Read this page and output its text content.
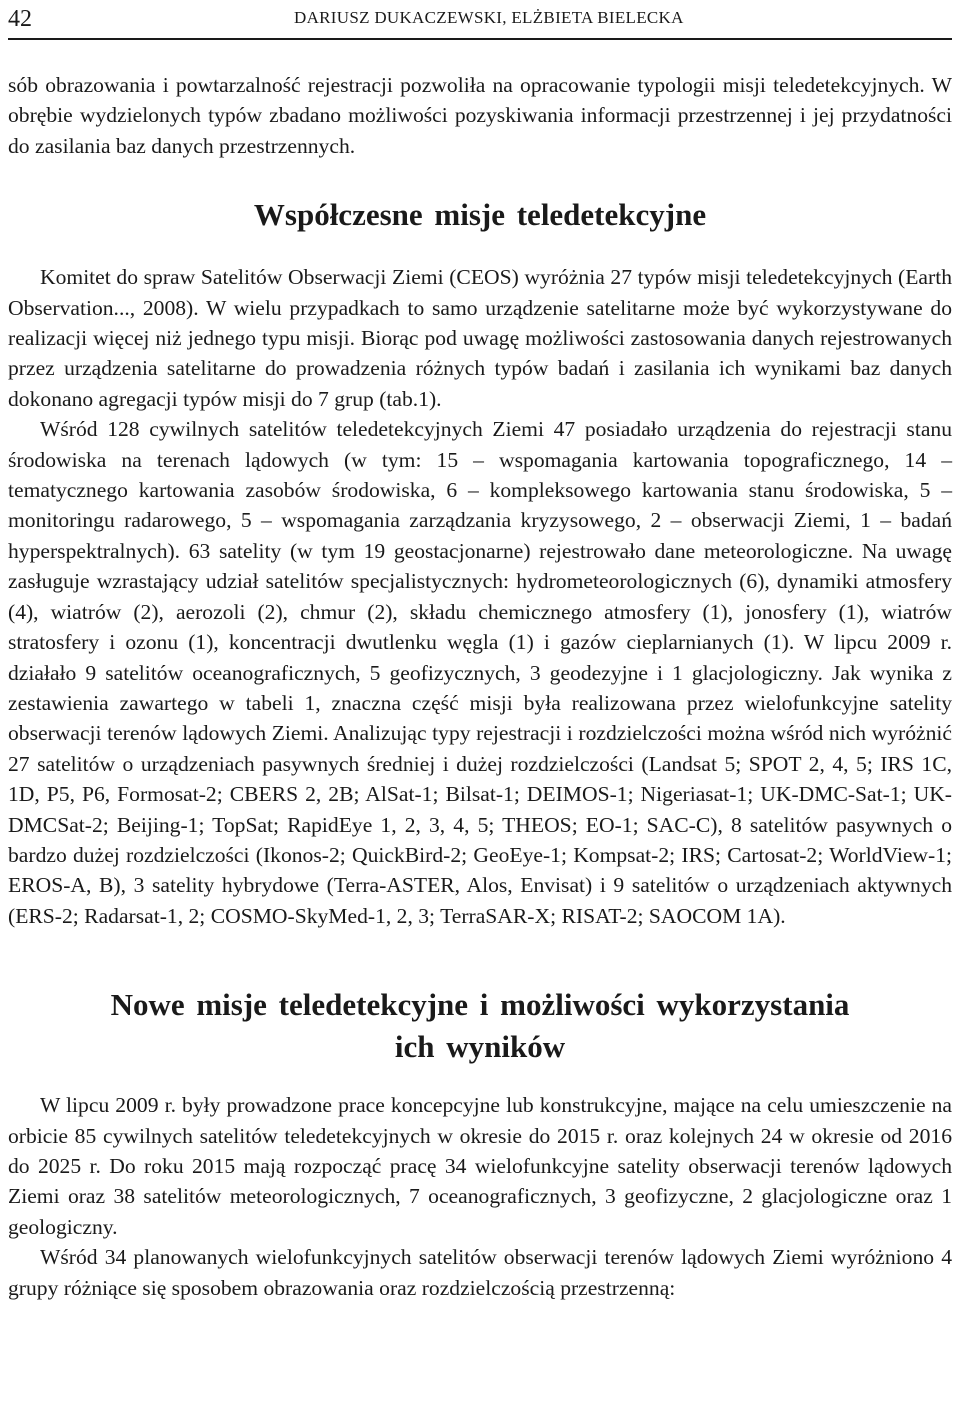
42	DARIUSZ DUKACZEWSKI, ELŻBIETA BIELECKA

sób obrazowania i powtarzalność rejestracji pozwoliła na opracowanie typologii misji teledetekcyjnych. W obrębie wydzielonych typów zbadano możliwości pozyskiwania informacji przestrzennej i jej przydatności do zasilania baz danych przestrzennych.

Współczesne misje teledetekcyjne

Komitet do spraw Satelitów Obserwacji Ziemi (CEOS) wyróżnia 27 typów misji teledetekcyjnych (Earth Observation..., 2008). W wielu przypadkach to samo urządzenie satelitarne może być wykorzystywane do realizacji więcej niż jednego typu misji. Biorąc pod uwagę możliwości zastosowania danych rejestrowanych przez urządzenia satelitarne do prowadzenia różnych typów badań i zasilania ich wynikami baz danych dokonano agregacji typów misji do 7 grup (tab.1).

Wśród 128 cywilnych satelitów teledetekcyjnych Ziemi 47 posiadało urządzenia do rejestracji stanu środowiska na terenach lądowych (w tym: 15 – wspomagania kartowania topograficznego, 14 – tematycznego kartowania zasobów środowiska, 6 – kompleksowego kartowania stanu środowiska, 5 – monitoringu radarowego, 5 – wspomagania zarządzania kryzysowego, 2 – obserwacji Ziemi, 1 – badań hyperspektralnych). 63 satelity (w tym 19 geostacjonarne) rejestrowało dane meteorologiczne. Na uwagę zasługuje wzrastający udział satelitów specjalistycznych: hydrometeorologicznych (6), dynamiki atmosfery (4), wiatrów (2), aerozoli (2), chmur (2), składu chemicznego atmosfery (1), jonosfery (1), wiatrów stratosfery i ozonu (1), koncentracji dwutlenku węgla (1) i gazów cieplarnianych (1). W lipcu 2009 r. działało 9 satelitów oceanograficznych, 5 geofizycznych, 3 geodezyjne i 1 glacjologiczny. Jak wynika z zestawienia zawartego w tabeli 1, znaczna część misji była realizowana przez wielofunkcyjne satelity obserwacji terenów lądowych Ziemi. Analizując typy rejestracji i rozdzielczości można wśród nich wyróżnić 27 satelitów o urządzeniach pasywnych średniej i dużej rozdzielczości (Landsat 5; SPOT 2, 4, 5; IRS 1C, 1D, P5, P6, Formosat-2; CBERS 2, 2B; AlSat-1; Bilsat-1; DEIMOS-1; Nigeriasat-1; UK-DMC-Sat-1; UK-DMCSat-2; Beijing-1; TopSat; RapidEye 1, 2, 3, 4, 5; THEOS; EO-1; SAC-C), 8 satelitów pasywnych o bardzo dużej rozdzielczości (Ikonos-2; QuickBird-2; GeoEye-1; Kompsat-2; IRS; Cartosat-2; WorldView-1; EROS-A, B), 3 satelity hybrydowe (Terra-ASTER, Alos, Envisat) i 9 satelitów o urządzeniach aktywnych (ERS-2; Radarsat-1, 2; COSMO-SkyMed-1, 2, 3; TerraSAR-X; RISAT-2; SAOCOM 1A).

Nowe misje teledetekcyjne i możliwości wykorzystania
ich wyników

W lipcu 2009 r. były prowadzone prace koncepcyjne lub konstrukcyjne, mające na celu umieszczenie na orbicie 85 cywilnych satelitów teledetekcyjnych w okresie do 2015 r. oraz kolejnych 24 w okresie od 2016 do 2025 r. Do roku 2015 mają rozpocząć pracę 34 wielofunkcyjne satelity obserwacji terenów lądowych Ziemi oraz 38 satelitów meteorologicznych, 7 oceanograficznych, 3 geofizyczne, 2 glacjologiczne oraz 1 geologiczny.

Wśród 34 planowanych wielofunkcyjnych satelitów obserwacji terenów lądowych Ziemi wyróżniono 4 grupy różniące się sposobem obrazowania oraz rozdzielczością przestrzenną:
